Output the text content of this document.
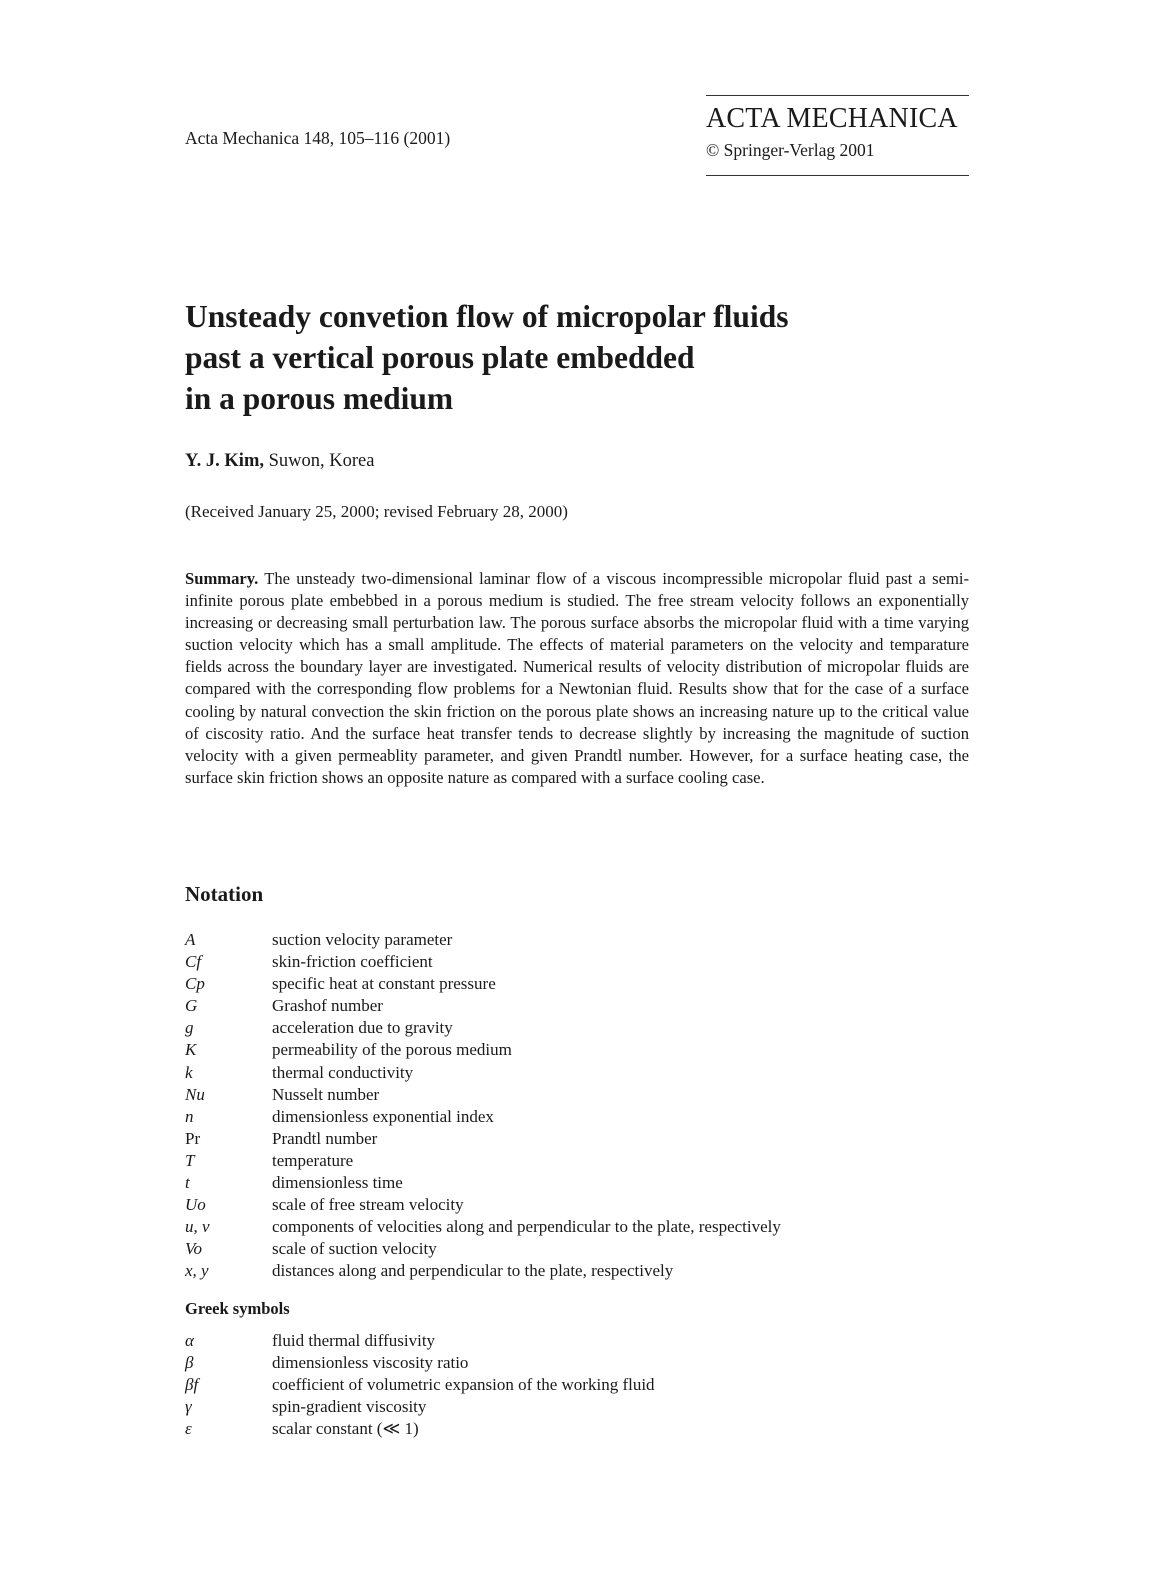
Acta Mechanica 148, 105–116 (2001)
ACTA MECHANICA
© Springer-Verlag 2001
Unsteady convetion flow of micropolar fluids
past a vertical porous plate embedded
in a porous medium
Y. J. Kim, Suwon, Korea
(Received January 25, 2000; revised February 28, 2000)
Summary. The unsteady two-dimensional laminar flow of a viscous incompressible micropolar fluid past a semi-infinite porous plate embebbed in a porous medium is studied. The free stream velocity follows an exponentially increasing or decreasing small perturbation law. The porous surface absorbs the micropolar fluid with a time varying suction velocity which has a small amplitude. The effects of material parameters on the velocity and temparature fields across the boundary layer are investigated. Numerical results of velocity distribution of micropolar fluids are compared with the corresponding flow problems for a Newtonian fluid. Results show that for the case of a surface cooling by natural convection the skin friction on the porous plate shows an increasing nature up to the critical value of ciscosity ratio. And the surface heat transfer tends to decrease slightly by increasing the magnitude of suction velocity with a given permeablity parameter, and given Prandtl number. However, for a surface heating case, the surface skin friction shows an opposite nature as compared with a surface cooling case.
Notation
A	suction velocity parameter
Cf	skin-friction coefficient
Cp	specific heat at constant pressure
G	Grashof number
g	acceleration due to gravity
K	permeability of the porous medium
k	thermal conductivity
Nu	Nusselt number
n	dimensionless exponential index
Pr	Prandtl number
T	temperature
t	dimensionless time
Uo	scale of free stream velocity
u, v	components of velocities along and perpendicular to the plate, respectively
Vo	scale of suction velocity
x, y	distances along and perpendicular to the plate, respectively
Greek symbols
α	fluid thermal diffusivity
β	dimensionless viscosity ratio
βf	coefficient of volumetric expansion of the working fluid
γ	spin-gradient viscosity
ε	scalar constant (≪ 1)
